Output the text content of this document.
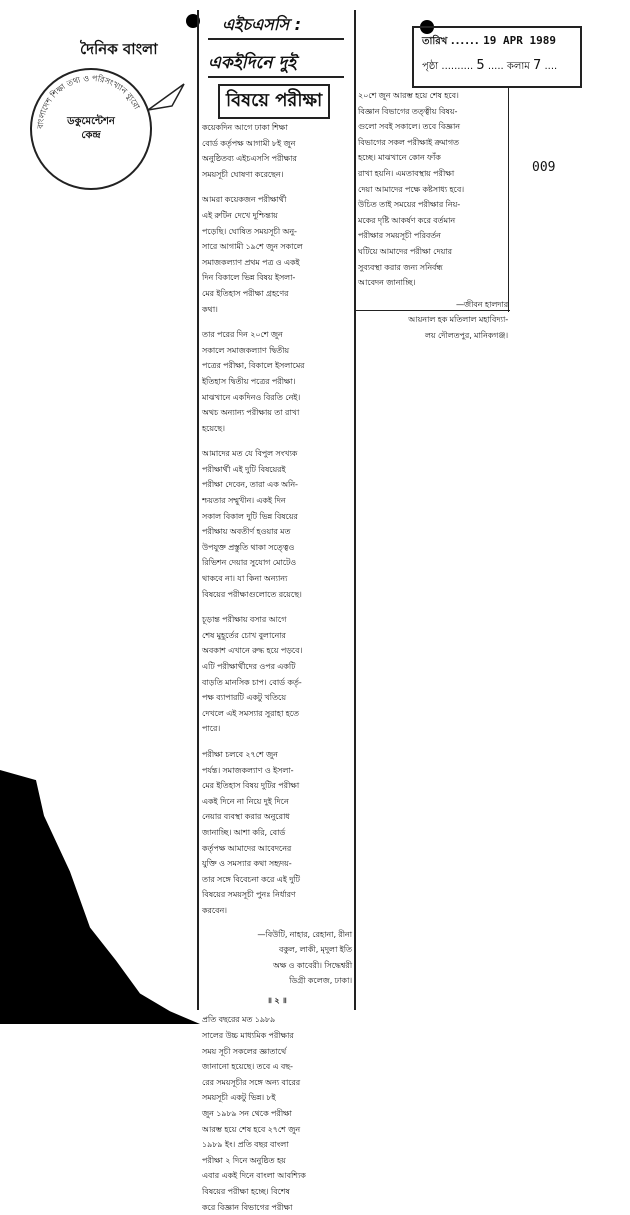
দৈনিক বাংলা
বাংলাদেশ শিক্ষা তথ্য ও পরিসংখ্যান ব্যুরো
ডকুমেন্টেশন
কেন্দ্র
তারিখ ...... 19 APR 1989
পৃষ্ঠা .......... 5 ..... কলাম 7 ....
009
এইচএসসি :
একইদিনে দুই
বিষয়ে পরীক্ষা
কয়েকদিন আগে ঢাকা শিক্ষা
বোর্ড কর্তৃপক্ষ আগামী ৮ই জুন
অনুষ্ঠিতব্য এইচএসসি পরীক্ষার
সময়সূচী ঘোষণা করেছেন।
আমরা কয়েকজন পরীক্ষার্থী
এই রুটিন দেখে দুশ্চিন্তায়
পড়েছি। ঘোষিত সময়সূচী অনু-
সারে আগামী ১৯শে জুন সকালে
সমাজকল্যাণ প্রথম পত্র ও একই
দিন বিকালে ভিন্ন বিষয় ইসলা-
মের ইতিহাস পরীক্ষা গ্রহণের
কথা।
তার পরের দিন ২০শে জুন
সকালে সমাজকল্যাণ দ্বিতীয়
পত্রের পরীক্ষা, বিকালে ইসলামের
ইতিহাস দ্বিতীয় পত্রের পরীক্ষা।
মাঝখানে একদিনও বিরতি নেই।
অথচ অন্যান্য পরীক্ষায় তা রাখা
হয়েছে।
আমাদের মত যে বিপুল সংখ্যক
পরীক্ষার্থী এই দুটি বিষয়েরই
পরীক্ষা দেবেন, তারা এক অনি-
শ্চয়তার সম্মুখীন। একই দিন
সকাল বিকাল দুটি ভিন্ন বিষয়ের
পরীক্ষায় অবতীর্ণ হওয়ার মত
উপযুক্ত প্রস্তুতি থাকা সত্ত্বেও
রিভিশন দেয়ার সুযোগ মোটেও
থাকবে না। যা কিনা অন্যান্য
বিষয়ের পরীক্ষাগুলোতে রয়েছে।
চূড়ান্ত পরীক্ষায় বসার আগে
শেষ মুহূর্তের চোখ বুলানোর
অবকাশ এখানে রুদ্ধ হয়ে পড়বে।
এটি পরীক্ষার্থীদের ওপর একটি
বাড়তি মানসিক চাপ। বোর্ড কর্তৃ-
পক্ষ ব্যাপারটি একটু খতিয়ে
দেখলে এই সমস্যার সুরাহা হতে
পারে।
পরীক্ষা চলবে ২৭শে জুন
পর্যন্ত। সমাজকল্যাণ ও ইসলা-
মের ইতিহাস বিষয় দুটির পরীক্ষা
একই দিনে না নিয়ে দুই দিনে
নেয়ার ব্যবস্থা করার অনুরোধ
জানাচ্ছি। আশা করি, বোর্ড
কর্তৃপক্ষ আমাদের আবেদনের
যুক্তি ও সমস্যার কথা সহৃদয়-
তার সঙ্গে বিবেচনা করে এই দুটি
বিষয়ের সময়সূচী পুনঃ নির্ধারণ
করবেন।
—বিউটি, নাহার, রেহানা, রীনা
বকুল, লাকী, মৃদুলা ইতি
অক্ষ ও কাবেরী। সিদ্ধেশ্বরী
ডিগ্রী কলেজ, ঢাকা।
॥ ২ ॥
প্রতি বছরের মত ১৯৮৯
সালের উচ্চ মাধ্যমিক পরীক্ষার
সময় সূচী সকলের জ্ঞাতার্থে
জানানো হয়েছে। তবে এ বছ-
রের সময়সূচীর সঙ্গে অন্য বারের
সময়সূচী একটু ভিন্ন। ৮ই
জুন ১৯৮৯ সন থেকে পরীক্ষা
আরম্ভ হয়ে শেষ হবে ২৭শে জুন
১৯৮৯ ইং। প্রতি বছর বাংলা
পরীক্ষা ২ দিনে অনুষ্ঠিত হয়
এবার একই দিনে বাংলা আবশ্যিক
বিষয়ের পরীক্ষা হচ্ছে। বিশেষ
করে বিজ্ঞান বিভাগের পরীক্ষা
২০শে জুন আরম্ভ হয়ে শেষ হবে।
বিজ্ঞান বিভাগের তত্ত্বীয় বিষয়-
গুলো সবই সকালে। তবে বিজ্ঞান
বিভাগের সকল পরীক্ষাই ক্রমাগত
হচ্ছে। মাঝখানে কোন ফাঁক
রাখা হয়নি। এমতাবস্থায় পরীক্ষা
দেয়া আমাদের পক্ষে কষ্টসাধ্য হবে।
উচিত তাই সময়ের পরীক্ষার নিয়-
মকের দৃষ্টি আকর্ষণ করে বর্তমান
পরীক্ষার সময়সূচী পরিবর্তন
ঘটিয়ে আমাদের পরীক্ষা দেয়ার
সুব্যবস্থা করার জন্য সনির্বন্ধ
আবেদন জানাচ্ছি।
—জীবন হালদার
আয়নাল হক মতিলাল মহাবিদ্যা-
লয় দৌলতপুর, মানিকগঞ্জ।
